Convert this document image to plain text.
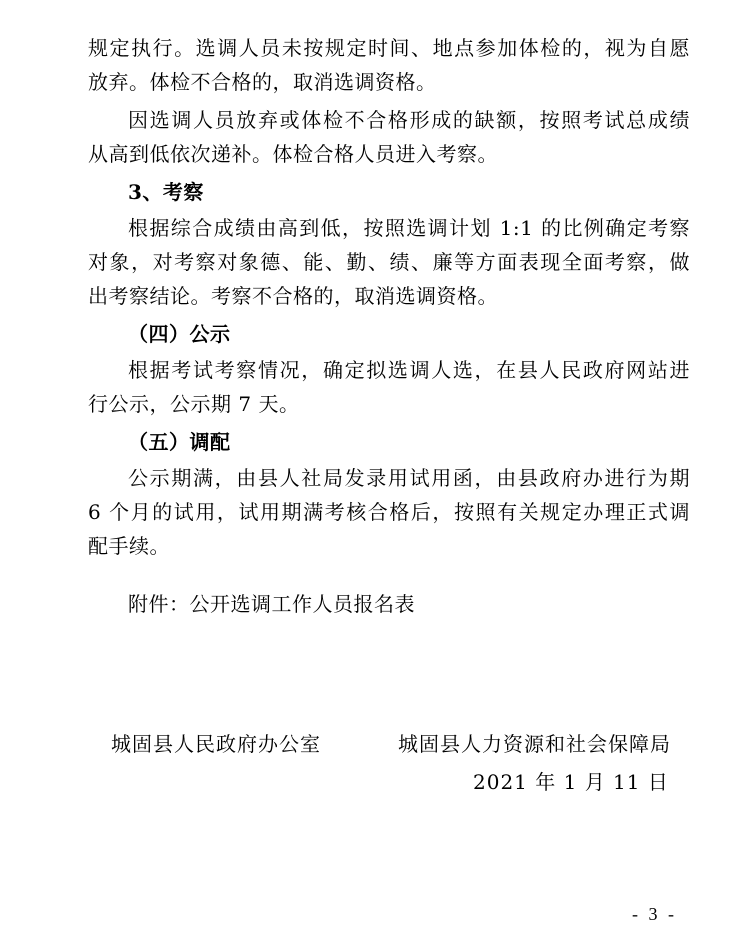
规定执行。选调人员未按规定时间、地点参加体检的，视为自愿
放弃。体检不合格的，取消选调资格。
因选调人员放弃或体检不合格形成的缺额，按照考试总成绩
从高到低依次递补。体检合格人员进入考察。
3、考察
根据综合成绩由高到低，按照选调计划 1:1 的比例确定考察
对象，对考察对象德、能、勤、绩、廉等方面表现全面考察，做
出考察结论。考察不合格的，取消选调资格。
（四）公示
根据考试考察情况，确定拟选调人选，在县人民政府网站进
行公示，公示期 7 天。
（五）调配
公示期满，由县人社局发录用试用函，由县政府办进行为期
6 个月的试用，试用期满考核合格后，按照有关规定办理正式调
配手续。
附件：公开选调工作人员报名表
城固县人民政府办公室	城固县人力资源和社会保障局
2021 年 1 月 11 日
- 3 -
